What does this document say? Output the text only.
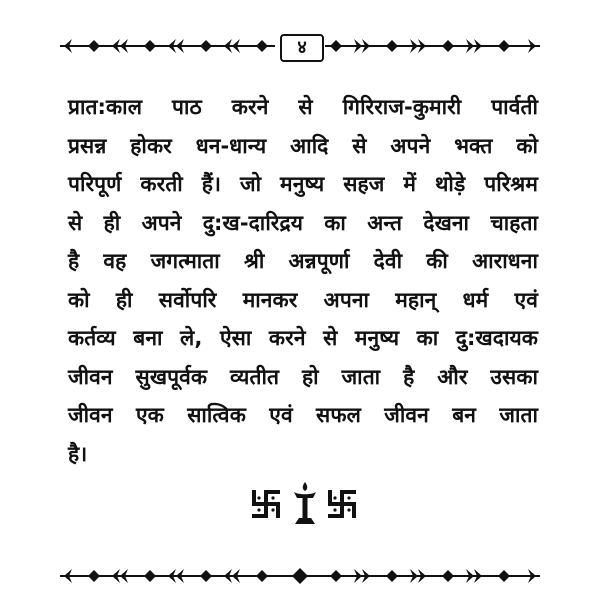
४
प्रात:काल पाठ करने से गिरिराज-कुमारी पार्वती
प्रसन्न होकर धन-धान्य आदि से अपने भक्त को
परिपूर्ण करती हैं। जो मनुष्य सहज में थोड़े परिश्रम
से ही अपने दु:ख-दारिद्रय का अन्त देखना चाहता
है वह जगत्माता श्री अन्नपूर्णा देवी की आराधना
को ही सर्वोपरि मानकर अपना महान् धर्म एवं
कर्तव्य बना ले, ऐसा करने से मनुष्य का दु:खदायक
जीवन सुखपूर्वक व्यतीत हो जाता है और उसका
जीवन एक सात्विक एवं सफल जीवन बन जाता
है।
